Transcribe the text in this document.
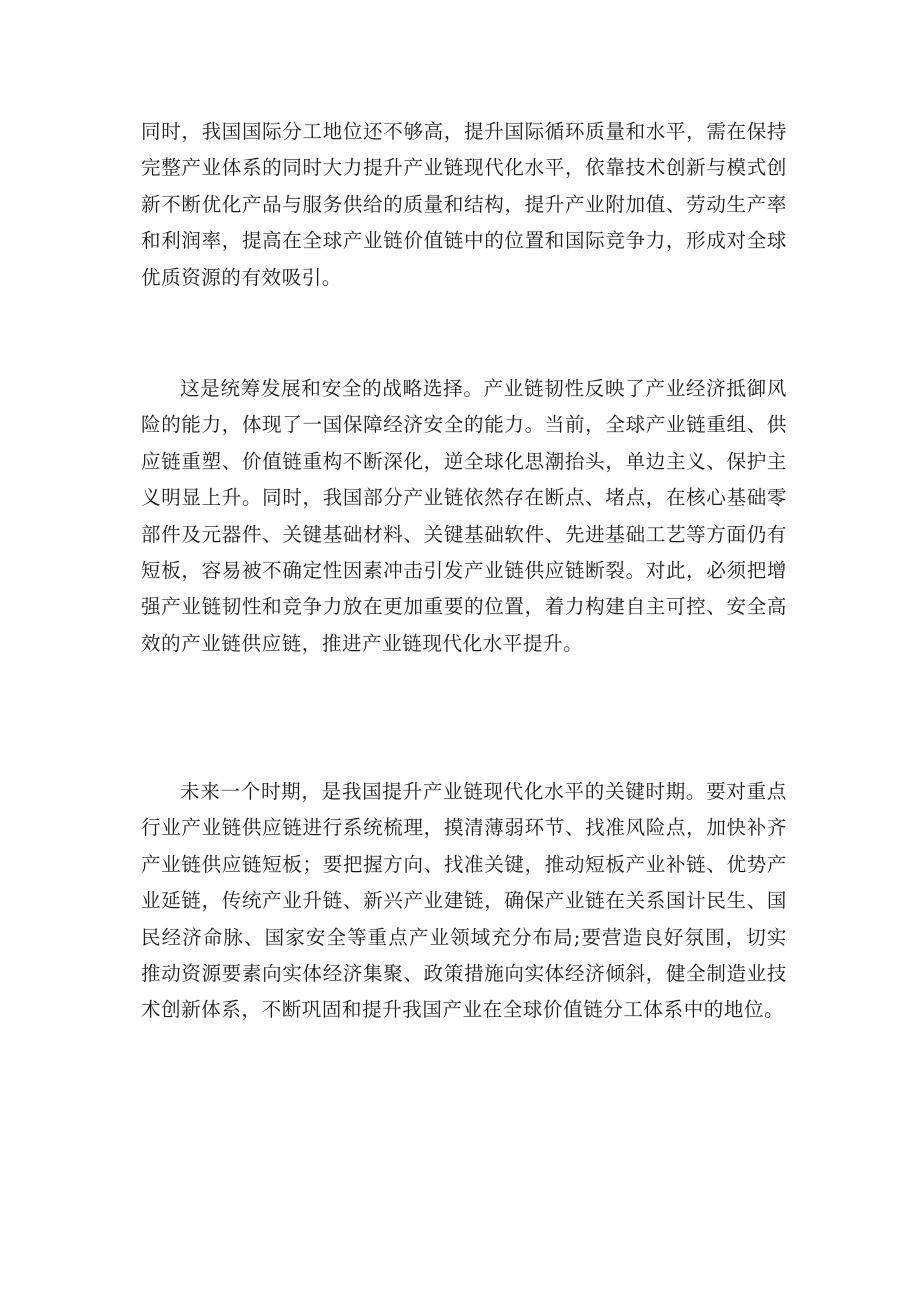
同时，我国国际分工地位还不够高，提升国际循环质量和水平，需在保持完整产业体系的同时大力提升产业链现代化水平，依靠技术创新与模式创新不断优化产品与服务供给的质量和结构，提升产业附加值、劳动生产率和利润率，提高在全球产业链价值链中的位置和国际竞争力，形成对全球优质资源的有效吸引。

这是统筹发展和安全的战略选择。产业链韧性反映了产业经济抵御风险的能力，体现了一国保障经济安全的能力。当前，全球产业链重组、供应链重塑、价值链重构不断深化，逆全球化思潮抬头，单边主义、保护主义明显上升。同时，我国部分产业链依然存在断点、堵点，在核心基础零部件及元器件、关键基础材料、关键基础软件、先进基础工艺等方面仍有短板，容易被不确定性因素冲击引发产业链供应链断裂。对此，必须把增强产业链韧性和竞争力放在更加重要的位置，着力构建自主可控、安全高效的产业链供应链，推进产业链现代化水平提升。

未来一个时期，是我国提升产业链现代化水平的关键时期。要对重点行业产业链供应链进行系统梳理，摸清薄弱环节、找准风险点，加快补齐产业链供应链短板；要把握方向、找准关键，推动短板产业补链、优势产业延链，传统产业升链、新兴产业建链，确保产业链在关系国计民生、国民经济命脉、国家安全等重点产业领域充分布局;要营造良好氛围，切实推动资源要素向实体经济集聚、政策措施向实体经济倾斜，健全制造业技术创新体系，不断巩固和提升我国产业在全球价值链分工体系中的地位。
